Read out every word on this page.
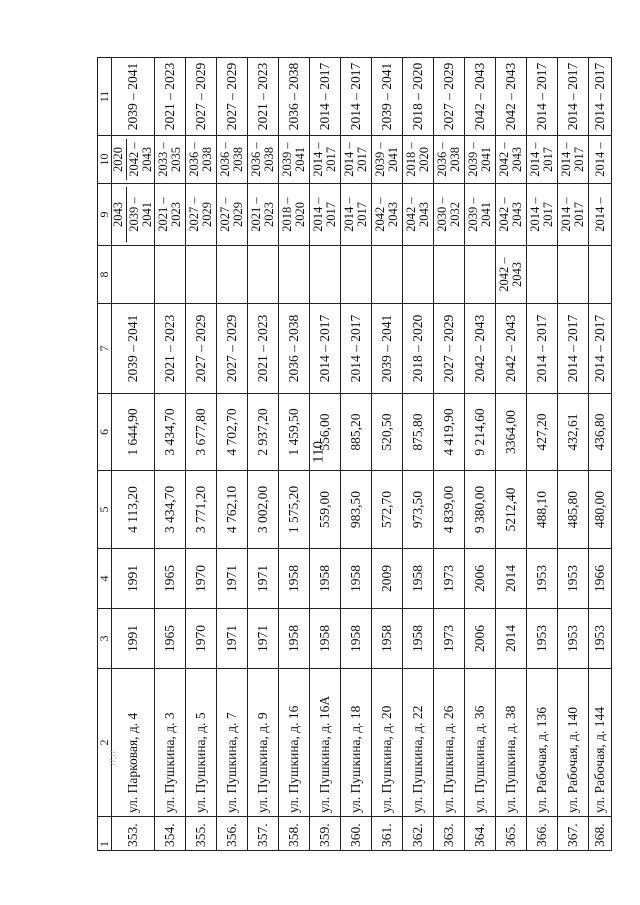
110
1	2	3	4	5	6	7	8	9	10	11
353.	ул. Парковая, д. 4	1991	1991	4 113,20	1 644,90	2039 – 2041		2043 2039 – 2041	2020 2042 – 2043	2039 – 2041
354.	ул. Пушкина, д. 3	1965	1965	3 434,70	3 434,70	2021 – 2023		2021 – 2023	2033 – 2035	2021 – 2023
355.	ул. Пушкина, д. 5	1970	1970	3 771,20	3 677,80	2027 – 2029		2027 – 2029	2036 – 2038	2027 – 2029
356.	ул. Пушкина, д. 7	1971	1971	4 762,10	4 702,70	2027 – 2029		2027 – 2029	2036 – 2038	2027 – 2029
357.	ул. Пушкина, д. 9	1971	1971	3 002,00	2 937,20	2021 – 2023		2021 – 2023	2036 – 2038	2021 – 2023
358.	ул. Пушкина, д. 16	1958	1958	1 575,20	1 459,50	2036 – 2038		2018 – 2020	2039 – 2041	2036 – 2038
359.	ул. Пушкина, д. 16А	1958	1958	559,00	556,00	2014 – 2017		2014 – 2017	2014 – 2017	2014 – 2017
360.	ул. Пушкина, д. 18	1958	1958	983,50	885,20	2014 – 2017		2014 – 2017	2014 – 2017	2014 – 2017
361.	ул. Пушкина, д. 20	1958	2009	572,70	520,50	2039 – 2041		2042 – 2043	2039 – 2041	2039 – 2041
362.	ул. Пушкина, д. 22	1958	1958	973,50	875,80	2018 – 2020		2042 – 2043	2018 – 2020	2018 – 2020
363.	ул. Пушкина, д. 26	1973	1973	4 839,00	4 419,90	2027 – 2029		2030 – 2032	2036 – 2038	2027 – 2029
364.	ул. Пушкина, д. 36	2006	2006	9 380,00	9 214,60	2042 – 2043		2039 – 2041	2039 – 2041	2042 – 2043
365.	ул. Пушкина, д. 38	2014	2014	5212,40	3364,00	2042 – 2043	2042 – 2043	2042 – 2043	2042 – 2043	2042 – 2043
366.	ул. Рабочая, д. 136	1953	1953	488,10	427,20	2014 – 2017		2014 – 2017	2014 – 2017	2014 – 2017
367.	ул. Рабочая, д. 140	1953	1953	485,80	432,61	2014 – 2017		2014 – 2017	2014 – 2017	2014 – 2017
368.	ул. Рабочая, д. 144	1953	1966	480,00	436,80	2014 – 2017		2014 –	2014 –	2014 – 2017
//.//
